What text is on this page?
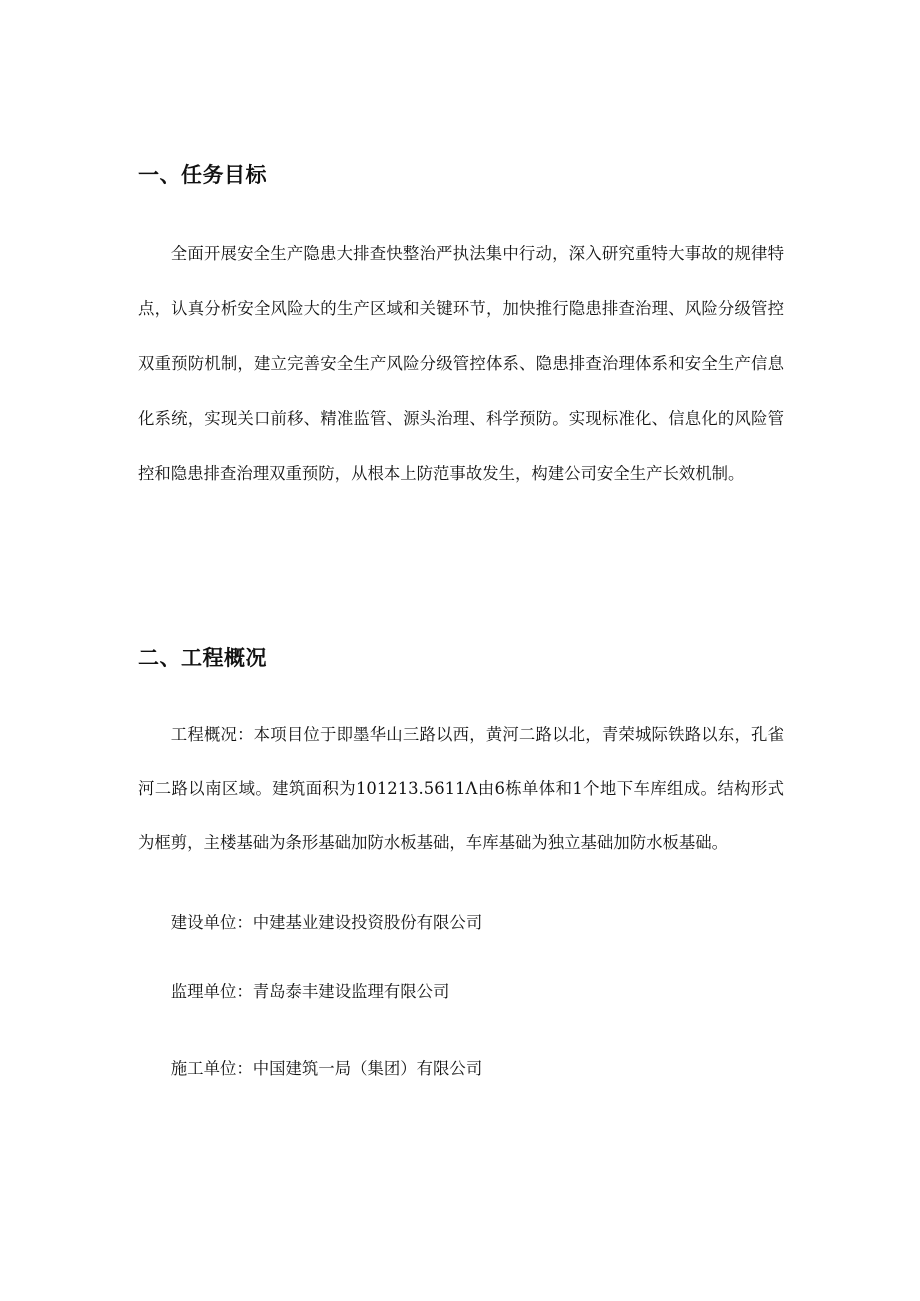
一、任务目标

全面开展安全生产隐患大排查快整治严执法集中行动，深入研究重特大事故的规律特点，认真分析安全风险大的生产区域和关键环节，加快推行隐患排查治理、风险分级管控双重预防机制，建立完善安全生产风险分级管控体系、隐患排查治理体系和安全生产信息化系统，实现关口前移、精准监管、源头治理、科学预防。实现标准化、信息化的风险管控和隐患排查治理双重预防，从根本上防范事故发生，构建公司安全生产长效机制。

二、工程概况

工程概况：本项目位于即墨华山三路以西，黄河二路以北，青荣城际铁路以东，孔雀河二路以南区域。建筑面积为101213.5611Λ由6栋单体和1个地下车库组成。结构形式为框剪，主楼基础为条形基础加防水板基础，车库基础为独立基础加防水板基础。

建设单位：中建基业建设投资股份有限公司

监理单位：青岛泰丰建设监理有限公司

施工单位：中国建筑一局（集团）有限公司
